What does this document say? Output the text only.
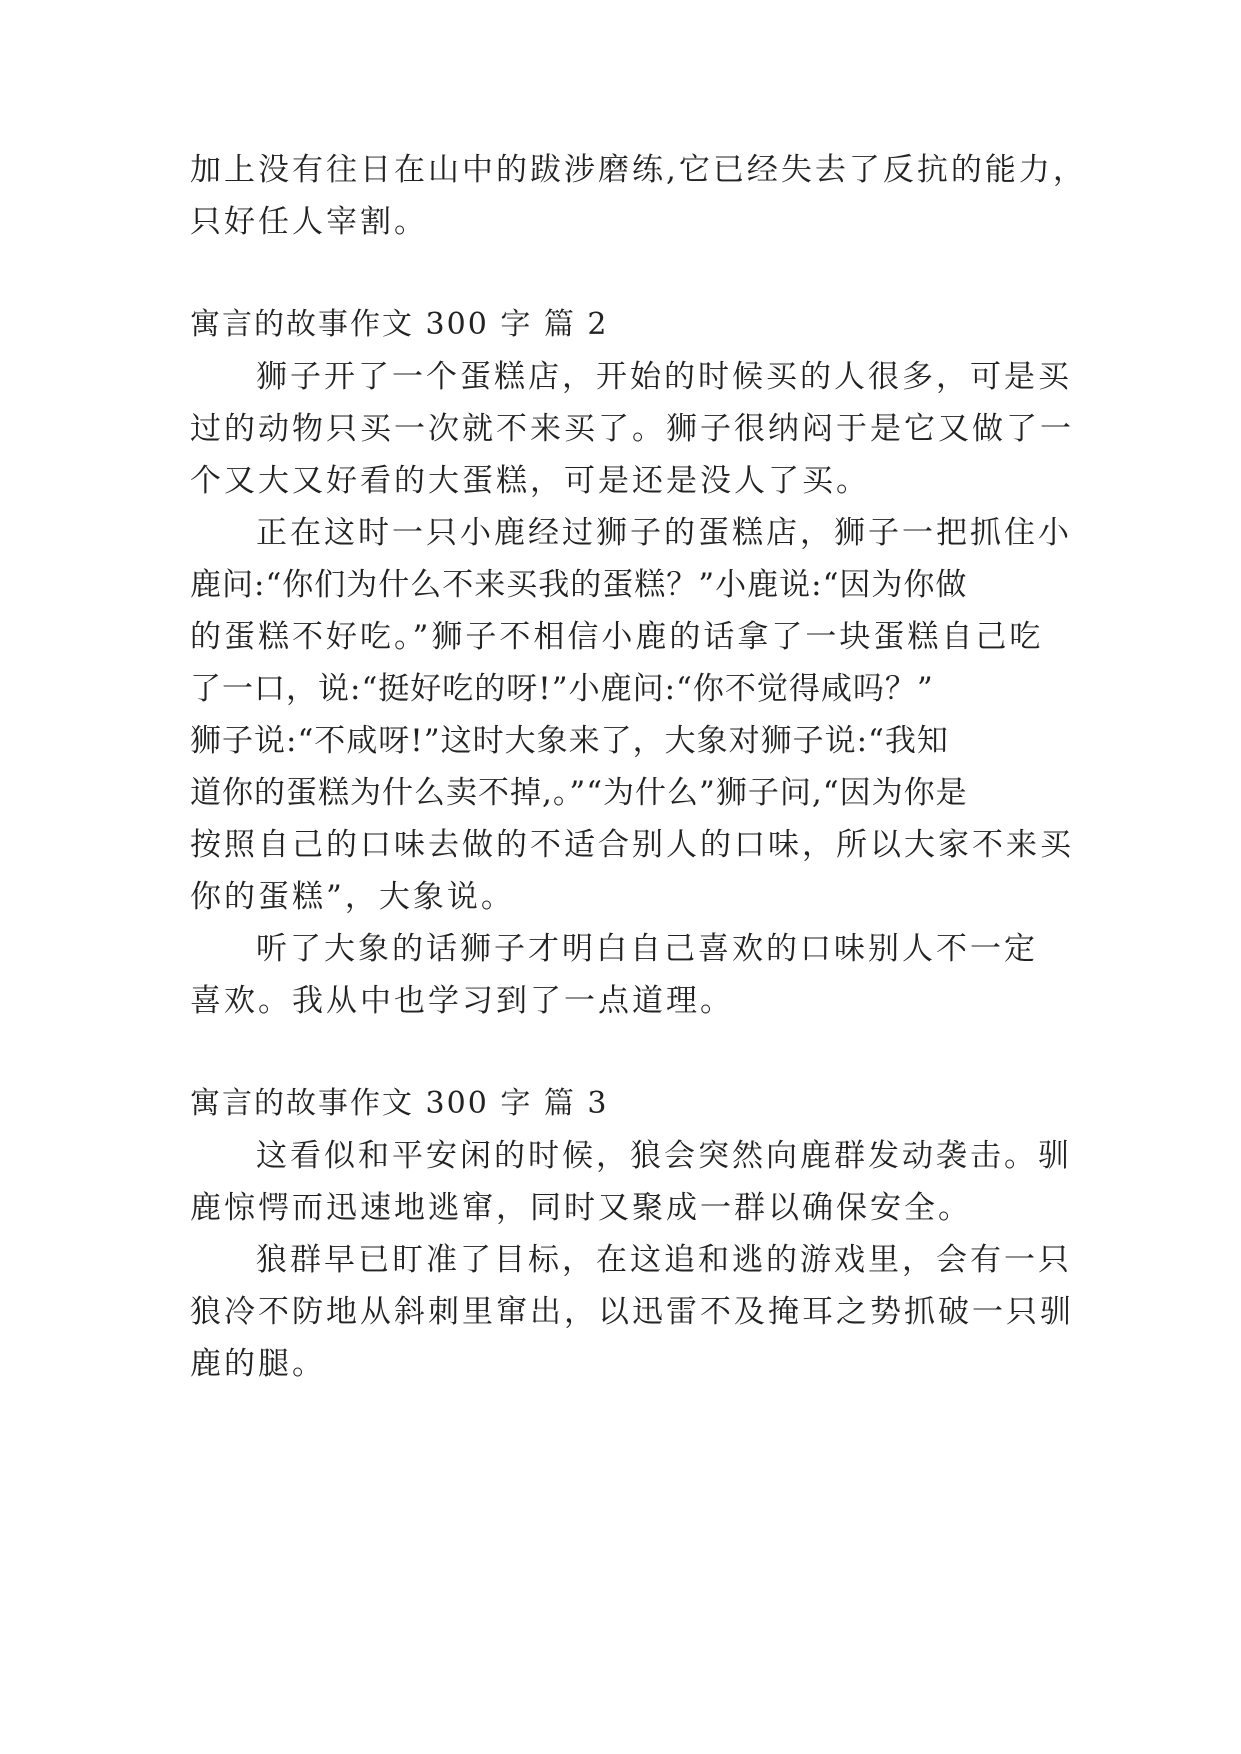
加上没有往日在山中的跋涉磨练,它已经失去了反抗的能力，
只好任人宰割。
寓言的故事作文 300 字 篇 2
狮子开了一个蛋糕店，开始的时候买的人很多，可是买
过的动物只买一次就不来买了。狮子很纳闷于是它又做了一
个又大又好看的大蛋糕，可是还是没人了买。
正在这时一只小鹿经过狮子的蛋糕店，狮子一把抓住小
鹿问:“你们为什么不来买我的蛋糕？”小鹿说:“因为你做
的蛋糕不好吃。”狮子不相信小鹿的话拿了一块蛋糕自己吃
了一口，说:“挺好吃的呀!”小鹿问:“你不觉得咸吗？”
狮子说:“不咸呀!”这时大象来了，大象对狮子说:“我知
道你的蛋糕为什么卖不掉,。”“为什么”狮子问,“因为你是
按照自己的口味去做的不适合别人的口味，所以大家不来买
你的蛋糕”，大象说。
听了大象的话狮子才明白自己喜欢的口味别人不一定
喜欢。我从中也学习到了一点道理。
寓言的故事作文 300 字 篇 3
这看似和平安闲的时候，狼会突然向鹿群发动袭击。驯
鹿惊愕而迅速地逃窜，同时又聚成一群以确保安全。
狼群早已盯准了目标，在这追和逃的游戏里，会有一只
狼冷不防地从斜刺里窜出，以迅雷不及掩耳之势抓破一只驯
鹿的腿。
